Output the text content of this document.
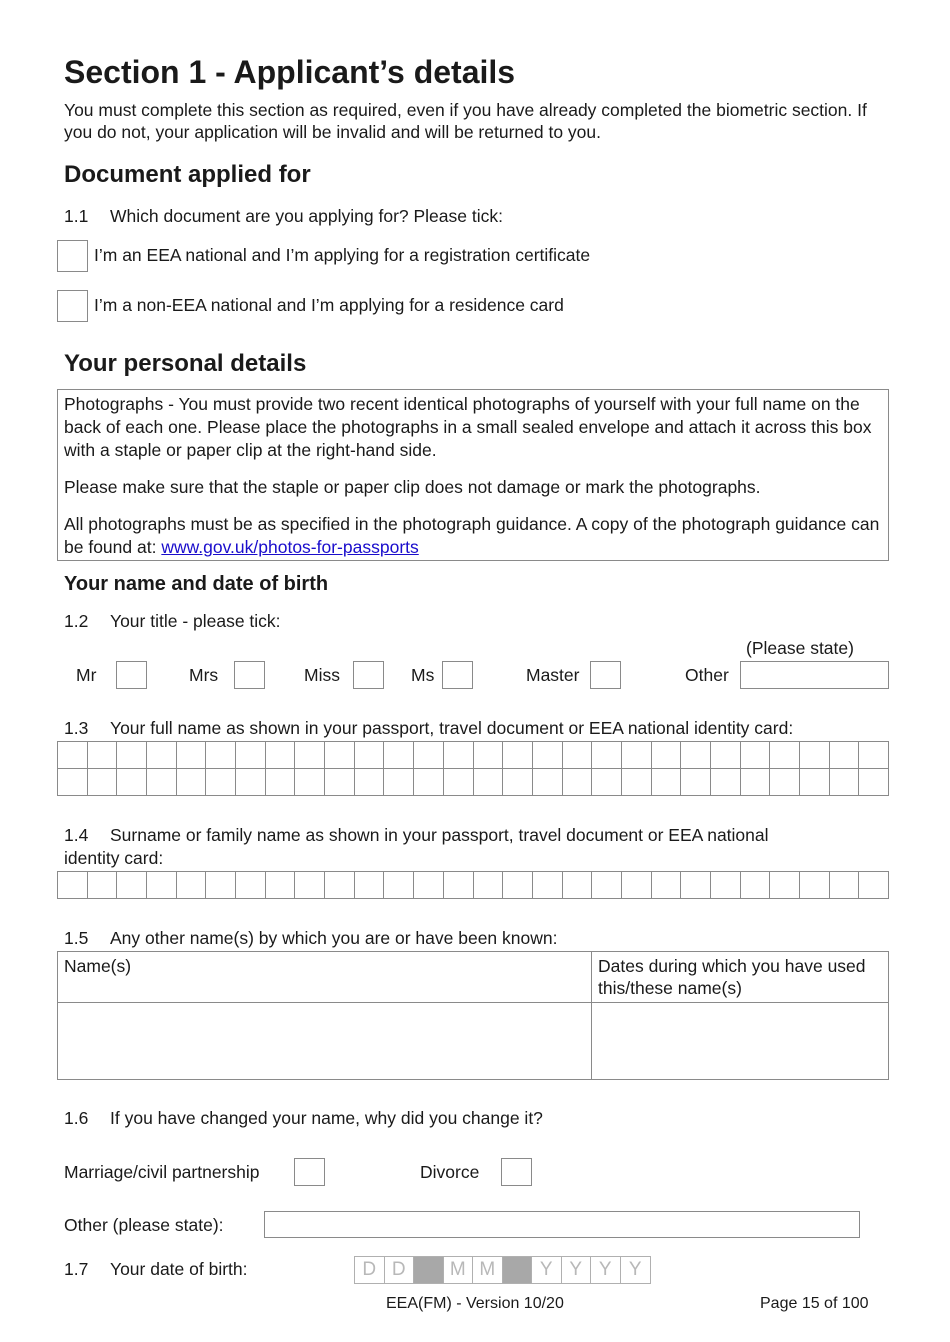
Section 1 - Applicant’s details
You must complete this section as required, even if you have already completed the biometric section. If you do not, your application will be invalid and will be returned to you.
Document applied for
1.1 Which document are you applying for? Please tick:
I’m an EEA national and I’m applying for a registration certificate
I’m a non-EEA national and I’m applying for a residence card
Your personal details

Photographs - You must provide two recent identical photographs of yourself with your full name on the back of each one. Please place the photographs in a small sealed envelope and attach it across this box with a staple or paper clip at the right-hand side.

Please make sure that the staple or paper clip does not damage or mark the photographs.

All photographs must be as specified in the photograph guidance. A copy of the photograph guidance can be found at: www.gov.uk/photos-for-passports

Your name and date of birth
1.2 Your title - please tick:
(Please state)
Mr	Mrs	Miss	Ms	Master	Other
1.3 Your full name as shown in your passport, travel document or EEA national identity card:
1.4 Surname or family name as shown in your passport, travel document or EEA national
identity card:
1.5 Any other name(s) by which you are or have been known:
Name(s)	Dates during which you have used this/these name(s)

1.6 If you have changed your name, why did you change it?
Marriage/civil partnership	Divorce
Other (please state):
1.7 Your date of birth:	D D	M M	Y Y Y Y
EEA(FM) - Version 10/20	Page 15 of 100
